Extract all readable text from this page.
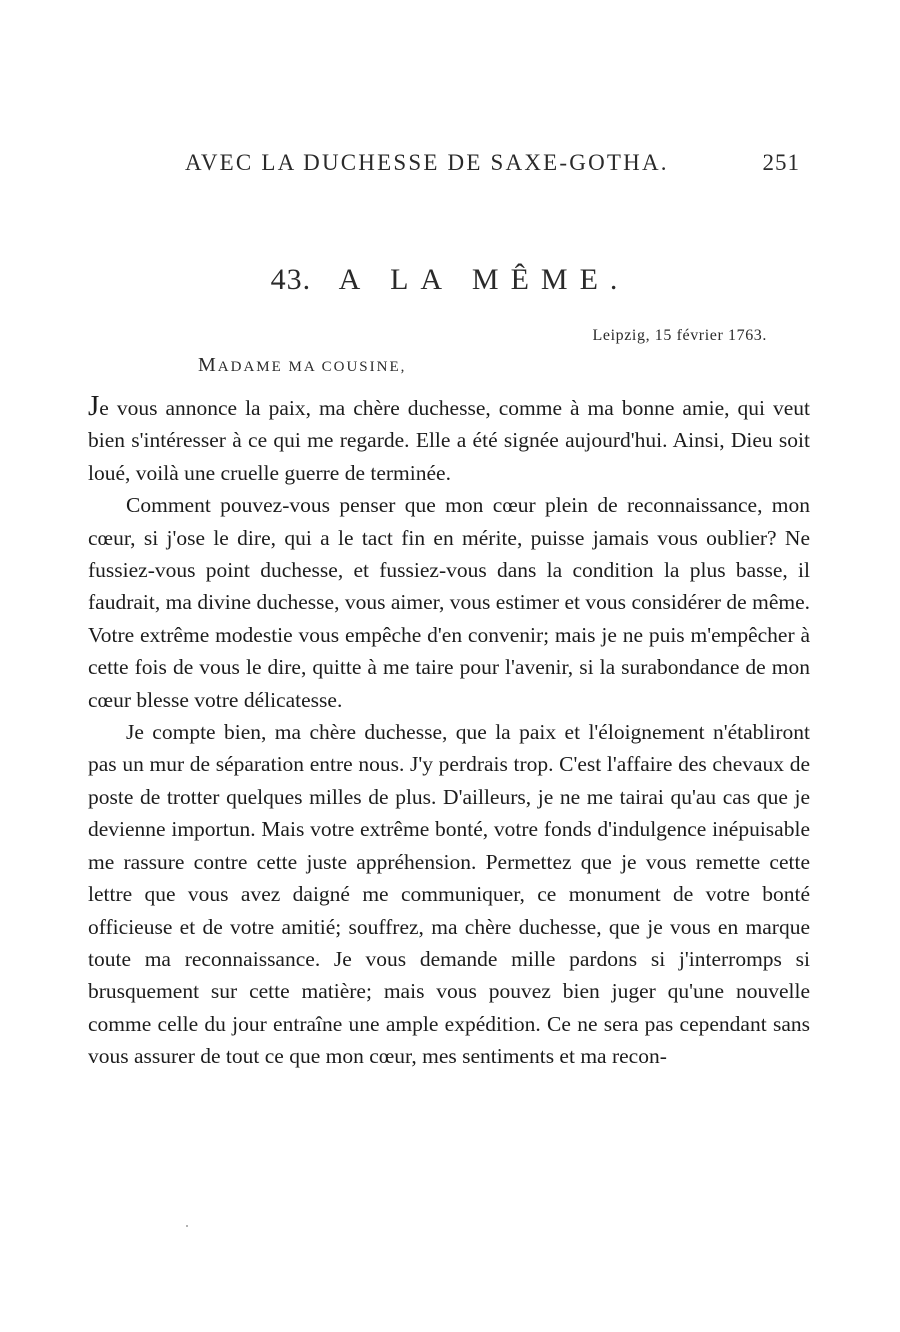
AVEC LA DUCHESSE DE SAXE-GOTHA.	251
43. A LA MÊME.
Leipzig, 15 février 1763.
MADAME MA COUSINE,

Je vous annonce la paix, ma chère duchesse, comme à ma bonne amie, qui veut bien s'intéresser à ce qui me regarde. Elle a été signée aujourd'hui. Ainsi, Dieu soit loué, voilà une cruelle guerre de terminée.

Comment pouvez-vous penser que mon cœur plein de reconnaissance, mon cœur, si j'ose le dire, qui a le tact fin en mérite, puisse jamais vous oublier? Ne fussiez-vous point duchesse, et fussiez-vous dans la condition la plus basse, il faudrait, ma divine duchesse, vous aimer, vous estimer et vous considérer de même. Votre extrême modestie vous empêche d'en convenir; mais je ne puis m'empêcher à cette fois de vous le dire, quitte à me taire pour l'avenir, si la surabondance de mon cœur blesse votre délicatesse.

Je compte bien, ma chère duchesse, que la paix et l'éloignement n'établiront pas un mur de séparation entre nous. J'y perdrais trop. C'est l'affaire des chevaux de poste de trotter quelques milles de plus. D'ailleurs, je ne me tairai qu'au cas que je devienne importun. Mais votre extrême bonté, votre fonds d'indulgence inépuisable me rassure contre cette juste appréhension. Permettez que je vous remette cette lettre que vous avez daigné me communiquer, ce monument de votre bonté officieuse et de votre amitié; souffrez, ma chère duchesse, que je vous en marque toute ma reconnaissance. Je vous demande mille pardons si j'interromps si brusquement sur cette matière; mais vous pouvez bien juger qu'une nouvelle comme celle du jour entraîne une ample expédition. Ce ne sera pas cependant sans vous assurer de tout ce que mon cœur, mes sentiments et ma recon-
